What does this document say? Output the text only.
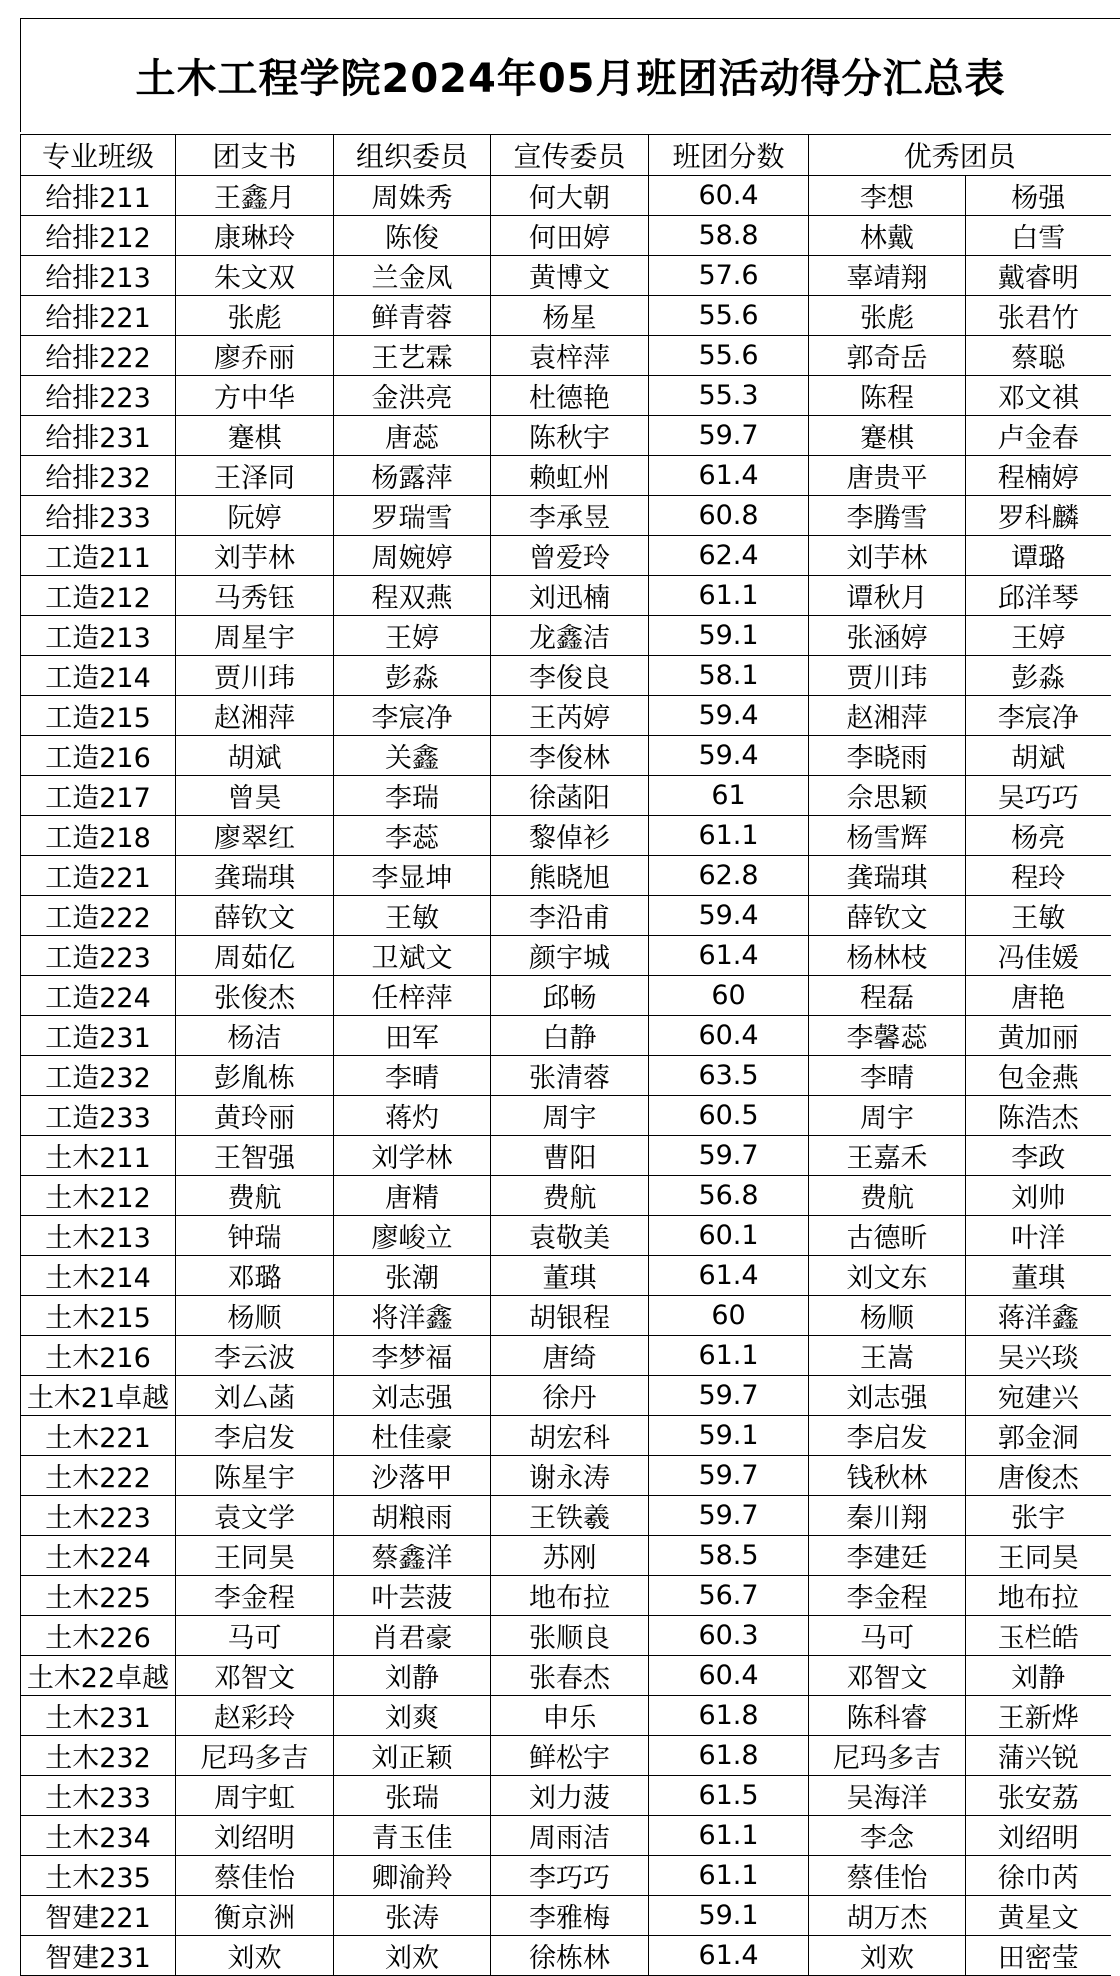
土木工程学院2024年05月班团活动得分汇总表
专业班级	团支书	组织委员	宣传委员	班团分数	优秀团员	
给排211	王鑫月	周姝秀	何大朝	60.4	李想	杨强
给排212	康琳玲	陈俊	何田婷	58.8	林戴	白雪
给排213	朱文双	兰金凤	黄博文	57.6	辜靖翔	戴睿明
给排221	张彪	鲜青蓉	杨星	55.6	张彪	张君竹
给排222	廖乔丽	王艺霖	袁梓萍	55.6	郭奇岳	蔡聪
给排223	方中华	金洪亮	杜德艳	55.3	陈程	邓文祺
给排231	蹇棋	唐蕊	陈秋宇	59.7	蹇棋	卢金春
给排232	王泽同	杨露萍	赖虹州	61.4	唐贵平	程楠婷
给排233	阮婷	罗瑞雪	李承昱	60.8	李腾雪	罗科麟
工造211	刘芋林	周婉婷	曾爱玲	62.4	刘芋林	谭璐
工造212	马秀钰	程双燕	刘迅楠	61.1	谭秋月	邱洋琴
工造213	周星宇	王婷	龙鑫洁	59.1	张涵婷	王婷
工造214	贾川玮	彭淼	李俊良	58.1	贾川玮	彭淼
工造215	赵湘萍	李宸净	王芮婷	59.4	赵湘萍	李宸净
工造216	胡斌	关鑫	李俊林	59.4	李晓雨	胡斌
工造217	曾昊	李瑞	徐菡阳	61	佘思颖	吴巧巧
工造218	廖翠红	李蕊	黎倬衫	61.1	杨雪辉	杨亮
工造221	龚瑞琪	李显坤	熊晓旭	62.8	龚瑞琪	程玲
工造222	薛钦文	王敏	李沿甫	59.4	薛钦文	王敏
工造223	周茹亿	卫斌文	颜宇城	61.4	杨林枝	冯佳媛
工造224	张俊杰	任梓萍	邱畅	60	程磊	唐艳
工造231	杨洁	田军	白静	60.4	李馨蕊	黄加丽
工造232	彭胤栋	李晴	张清蓉	63.5	李晴	包金燕
工造233	黄玲丽	蒋灼	周宇	60.5	周宇	陈浩杰
土木211	王智强	刘学林	曹阳	59.7	王嘉禾	李政
土木212	费航	唐精	费航	56.8	费航	刘帅
土木213	钟瑞	廖峻立	袁敬美	60.1	古德昕	叶洋
土木214	邓璐	张潮	董琪	61.4	刘文东	董琪
土木215	杨顺	将洋鑫	胡银程	60	杨顺	蒋洋鑫
土木216	李云波	李梦福	唐绮	61.1	王嵩	吴兴琰
土木21卓越	刘厶菡	刘志强	徐丹	59.7	刘志强	宛建兴
土木221	李启发	杜佳豪	胡宏科	59.1	李启发	郭金洞
土木222	陈星宇	沙落甲	谢永涛	59.7	钱秋林	唐俊杰
土木223	袁文学	胡粮雨	王铁羲	59.7	秦川翔	张宇
土木224	王同昊	蔡鑫洋	苏刚	58.5	李建廷	王同昊
土木225	李金程	叶芸菠	地布拉	56.7	李金程	地布拉
土木226	马可	肖君豪	张顺良	60.3	马可	玉栏皓
土木22卓越	邓智文	刘静	张春杰	60.4	邓智文	刘静
土木231	赵彩玲	刘爽	申乐	61.8	陈科睿	王新烨
土木232	尼玛多吉	刘正颖	鲜松宇	61.8	尼玛多吉	蒲兴锐
土木233	周宇虹	张瑞	刘力菠	61.5	吴海洋	张安荔
土木234	刘绍明	青玉佳	周雨洁	61.1	李念	刘绍明
土木235	蔡佳怡	卿渝羚	李巧巧	61.1	蔡佳怡	徐巾芮
智建221	衡京洲	张涛	李雅梅	59.1	胡万杰	黄星文
智建231	刘欢	刘欢	徐栋林	61.4	刘欢	田密莹
